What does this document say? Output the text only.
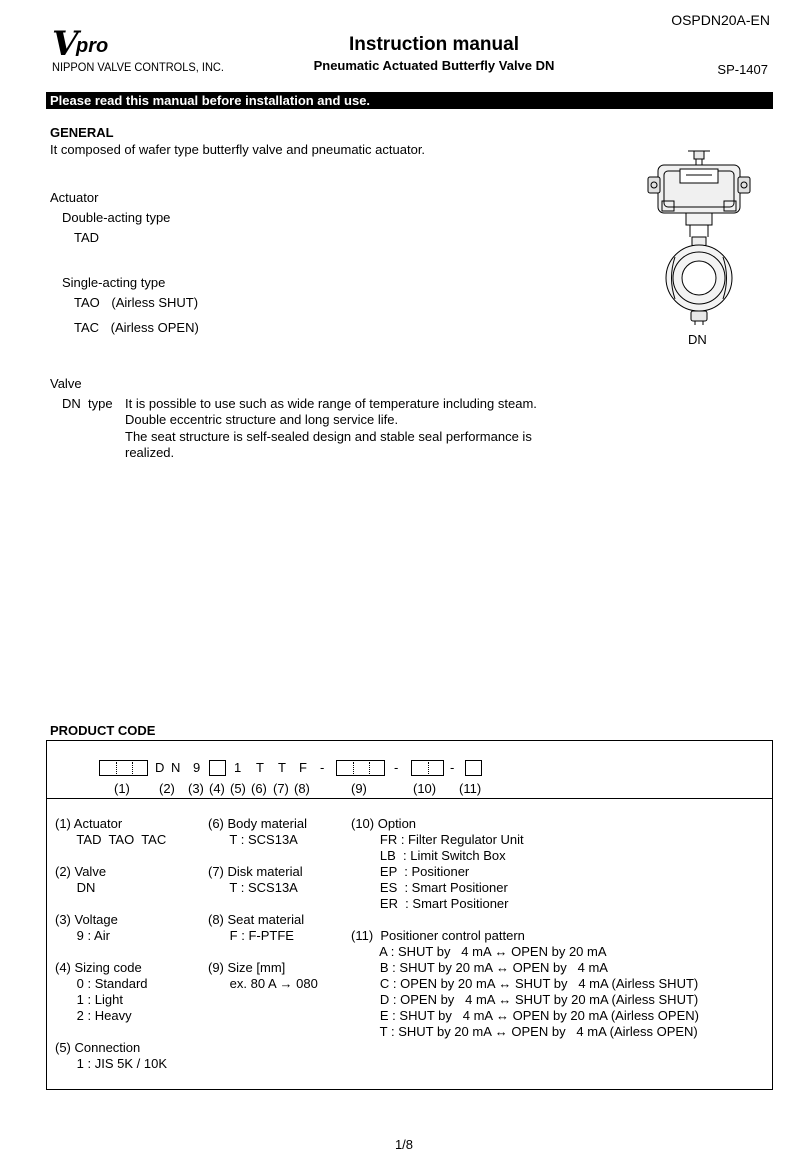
OSPDN20A-EN
V
pro
NIPPON VALVE CONTROLS, INC.
Instruction manual
Pneumatic Actuated Butterfly Valve DN	SP-1407
Please read this manual before installation and use.
GENERAL
It composed of wafer type butterfly valve and pneumatic actuator.
Actuator
Double-acting type
TAD
Single-acting type
TAO (Airless SHUT)
TAC (Airless OPEN)
DN
Valve
DN  type It is possible to use such as wide range of temperature including steam.
Double eccentric structure and long service life.
The seat structure is self-sealed design and stable seal performance is
realized.
PRODUCT CODE
D N 9	1 T T F -	-	-
(1) (2) (3) (4) (5) (6) (7) (8)	(9)	(10) (11)
(1) Actuator
TAD  TAO  TAC
(2) Valve
DN
(3) Voltage
9 : Air
(4) Sizing code
0 : Standard
1 : Light
2 : Heavy
(5) Connection
1 : JIS 5K / 10K
(6) Body material
T : SCS13A
(7) Disk material
T : SCS13A
(8) Seat material
F : F-PTFE
(9) Size [mm]
ex. 80 A → 080
(10) Option
FR : Filter Regulator Unit
LB  : Limit Switch Box
EP  : Positioner
ES  : Smart Positioner
ER  : Smart Positioner
(11)  Positioner control pattern
A : SHUT by   4 mA ↔ OPEN by 20 mA
B : SHUT by 20 mA ↔ OPEN by   4 mA
C : OPEN by 20 mA ↔ SHUT by   4 mA (Airless SHUT)
D : OPEN by   4 mA ↔ SHUT by 20 mA (Airless SHUT)
E : SHUT by   4 mA ↔ OPEN by 20 mA (Airless OPEN)
T : SHUT by 20 mA ↔ OPEN by   4 mA (Airless OPEN)
1/8
